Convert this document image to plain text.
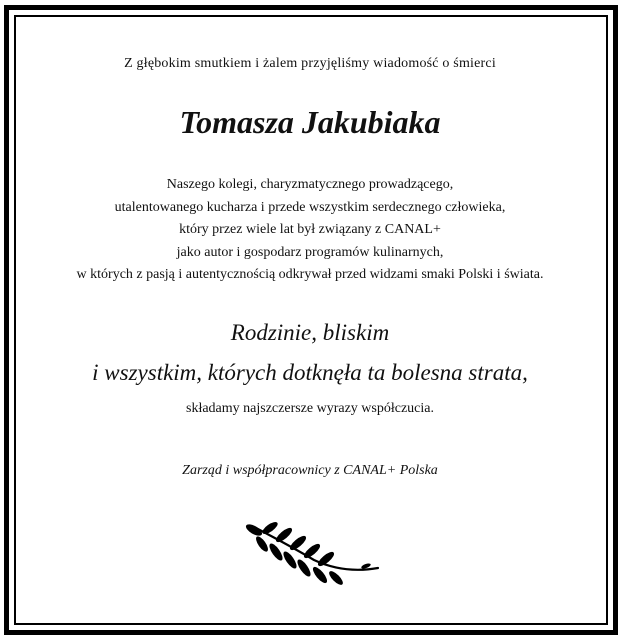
Z głębokim smutkiem i żalem przyjęliśmy wiadomość o śmierci
Tomasza Jakubiaka
Naszego kolegi, charyzmatycznego prowadzącego,
utalentowanego kucharza i przede wszystkim serdecznego człowieka,
który przez wiele lat był związany z CANAL+
jako autor i gospodarz programów kulinarnych,
w których z pasją i autentycznością odkrywał przed widzami smaki Polski i świata.
Rodzinie, bliskim
i wszystkim, których dotknęła ta bolesna strata,
składamy najszczersze wyrazy współczucia.
Zarząd i współpracownicy z CANAL+ Polska
